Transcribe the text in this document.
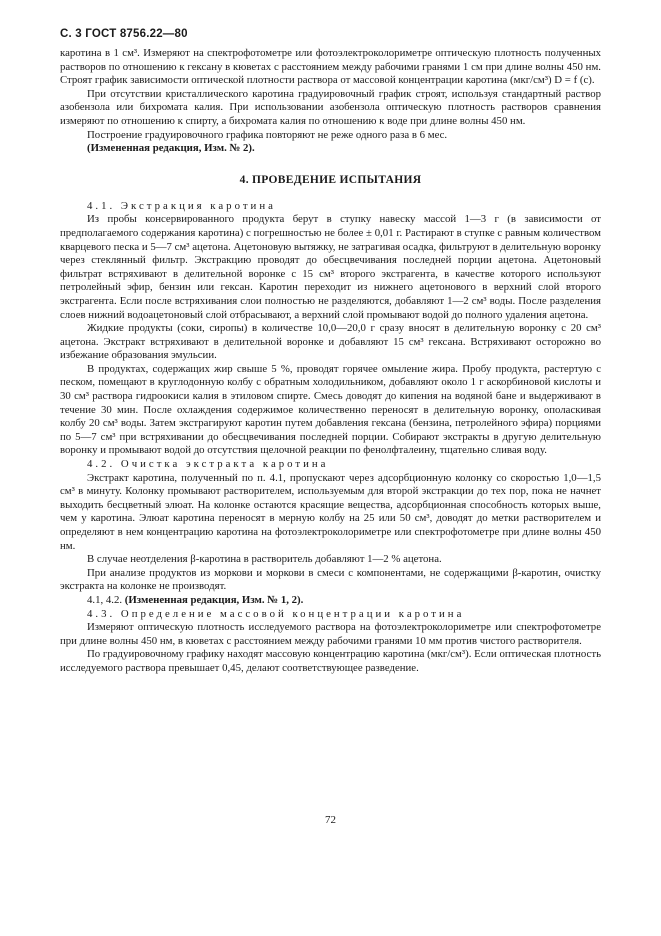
С. 3 ГОСТ 8756.22—80

каротина в 1 см³. Измеряют на спектрофотометре или фотоэлектроколориметре оптическую плотность полученных растворов по отношению к гексану в кюветах с расстоянием между рабочими гранями 1 см при длине волны 450 нм. Строят график зависимости оптической плотности раствора от массовой концентрации каротина (мкг/см³) D = f (c).

При отсутствии кристаллического каротина градуировочный график строят, используя стандартный раствор азобензола или бихромата калия. При использовании азобензола оптическую плотность растворов сравнения измеряют по отношению к спирту, а бихромата калия по отношению к воде при длине волны 450 нм.

Построение градуировочного графика повторяют не реже одного раза в 6 мес.

(Измененная редакция, Изм. № 2).

4. ПРОВЕДЕНИЕ ИСПЫТАНИЯ

4.1. Экстракция каротина

Из пробы консервированного продукта берут в ступку навеску массой 1—3 г (в зависимости от предполагаемого содержания каротина) с погрешностью не более ± 0,01 г. Растирают в ступке с равным количеством кварцевого песка и 5—7 см³ ацетона. Ацетоновую вытяжку, не затрагивая осадка, фильтруют в делительную воронку через стеклянный фильтр. Экстракцию проводят до обесцвечивания последней порции ацетона. Ацетоновый фильтрат встряхивают в делительной воронке с 15 см³ второго экстрагента, в качестве которого используют петролейный эфир, бензин или гексан. Каротин переходит из нижнего ацетонового в верхний слой второго экстрагента. Если после встряхивания слои полностью не разделяются, добавляют 1—2 см³ воды. После разделения слоев нижний водоацетоновый слой отбрасывают, а верхний слой промывают водой до полного удаления ацетона.

Жидкие продукты (соки, сиропы) в количестве 10,0—20,0 г сразу вносят в делительную воронку с 20 см³ ацетона. Экстракт встряхивают в делительной воронке и добавляют 15 см³ гексана. Встряхивают осторожно во избежание образования эмульсии.

В продуктах, содержащих жир свыше 5 %, проводят горячее омыление жира. Пробу продукта, растертую с песком, помещают в круглодонную колбу с обратным холодильником, добавляют около 1 г аскорбиновой кислоты и 30 см³ раствора гидроокиси калия в этиловом спирте. Смесь доводят до кипения на водяной бане и выдерживают в течение 30 мин. После охлаждения содержимое количественно переносят в делительную воронку, ополаскивая колбу 20 см³ воды. Затем экстрагируют каротин путем добавления гексана (бензина, петролейного эфира) порциями по 5—7 см³ при встряхивании до обесцвечивания последней порции. Собирают экстракты в другую делительную воронку и промывают водой до отсутствия щелочной реакции по фенолфталеину, тщательно сливая воду.

4.2. Очистка экстракта каротина

Экстракт каротина, полученный по п. 4.1, пропускают через адсорбционную колонку со скоростью 1,0—1,5 см³ в минуту. Колонку промывают растворителем, используемым для второй экстракции до тех пор, пока не начнет выходить бесцветный элюат. На колонке остаются красящие вещества, адсорбционная способность которых выше, чем у каротина. Элюат каротина переносят в мерную колбу на 25 или 50 см³, доводят до метки растворителем и определяют в нем концентрацию каротина на фотоэлектроколориметре или спектрофотометре при длине волны 450 нм.

В случае неотделения β-каротина в растворитель добавляют 1—2 % ацетона.

При анализе продуктов из моркови и моркови в смеси с компонентами, не содержащими β-каротин, очистку экстракта на колонке не производят.

4.1, 4.2. (Измененная редакция, Изм. № 1, 2).

4.3. Определение массовой концентрации каротина

Измеряют оптическую плотность исследуемого раствора на фотоэлектроколориметре или спектрофотометре при длине волны 450 нм, в кюветах с расстоянием между рабочими гранями 10 мм против чистого растворителя.

По градуировочному графику находят массовую концентрацию каротина (мкг/см³). Если оптическая плотность исследуемого раствора превышает 0,45, делают соответствующее разведение.

72
